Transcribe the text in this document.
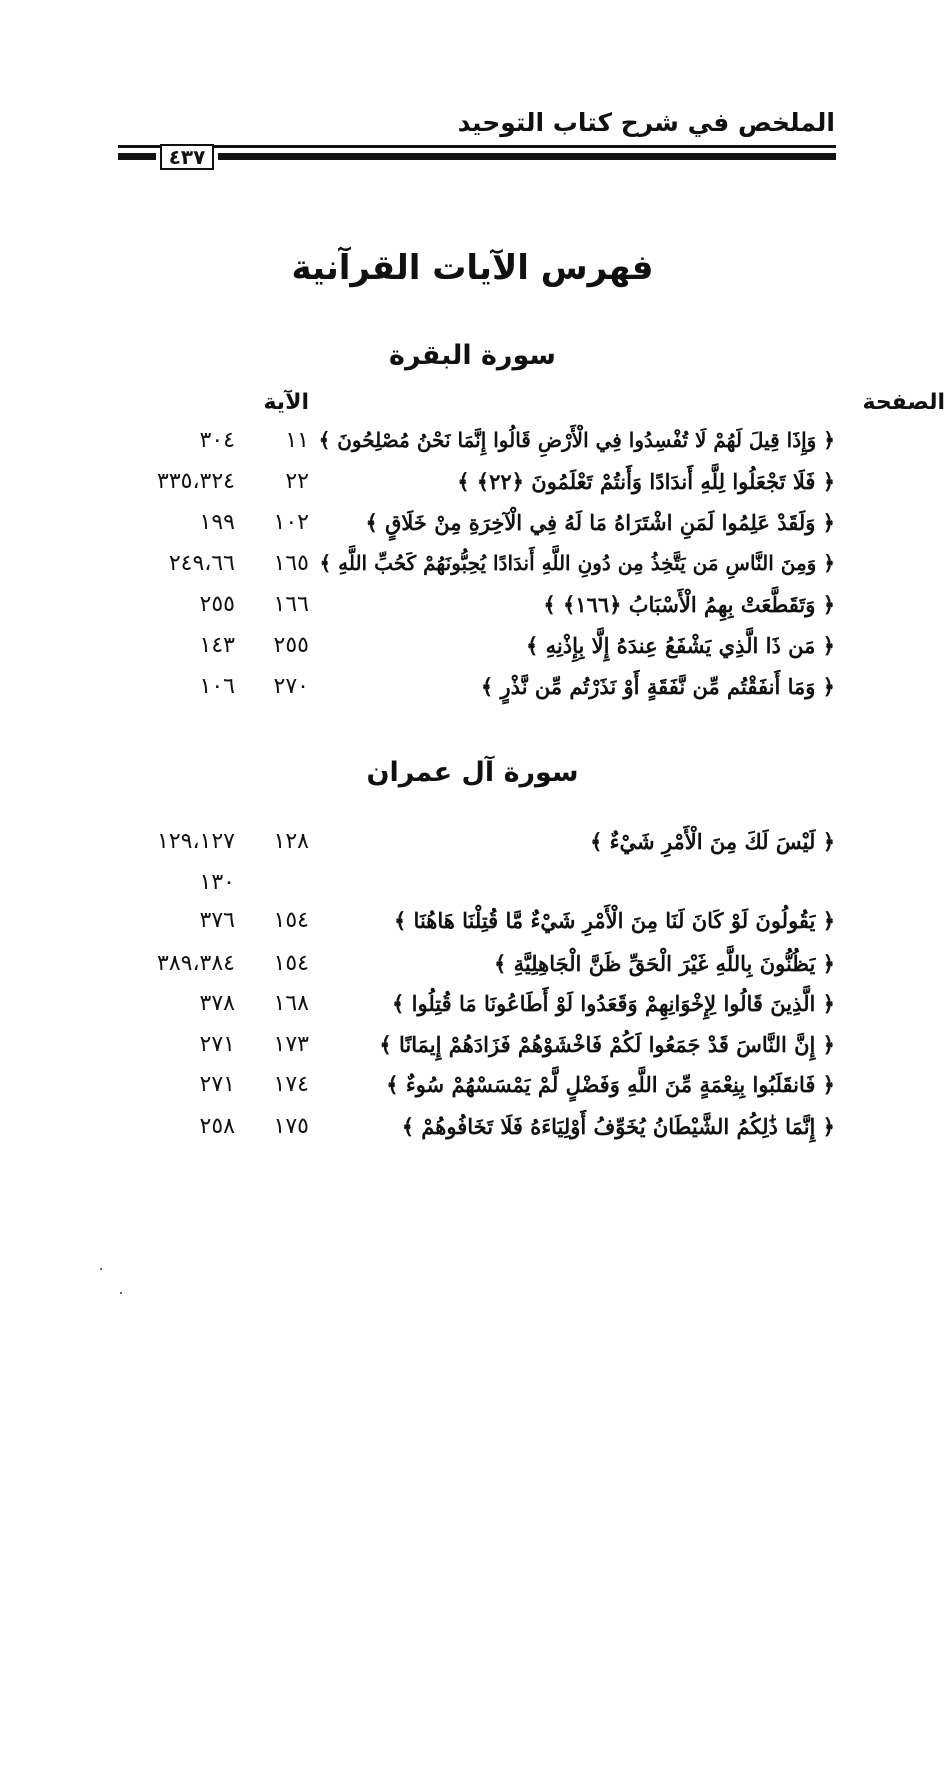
الملخص في شرح كتاب التوحيد
٤٣٧
فهرس الآيات القرآنية
سورة البقرة
الآية	الصفحة
﴿ وَإِذَا قِيلَ لَهُمْ لَا تُفْسِدُوا فِي الْأَرْضِ قَالُوا إِنَّمَا نَحْنُ مُصْلِحُونَ ﴾
١١
٣٠٤
﴿ فَلَا تَجْعَلُوا لِلَّهِ أَندَادًا وَأَنتُمْ تَعْلَمُونَ ﴿٢٢﴾ ﴾
٢٢
٣٣٥،٣٢٤
﴿ وَلَقَدْ عَلِمُوا لَمَنِ اشْتَرَاهُ مَا لَهُ فِي الْآخِرَةِ مِنْ خَلَاقٍ ﴾
١٠٢
١٩٩
﴿ وَمِنَ النَّاسِ مَن يَتَّخِذُ مِن دُونِ اللَّهِ أَندَادًا يُحِبُّونَهُمْ كَحُبِّ اللَّهِ ﴾
١٦٥
٢٤٩،٦٦
﴿ وَتَقَطَّعَتْ بِهِمُ الْأَسْبَابُ ﴿١٦٦﴾ ﴾
١٦٦
٢٥٥
﴿ مَن ذَا الَّذِي يَشْفَعُ عِندَهُ إِلَّا بِإِذْنِهِ ﴾
٢٥٥
١٤٣
﴿ وَمَا أَنفَقْتُم مِّن نَّفَقَةٍ أَوْ نَذَرْتُم مِّن نَّذْرٍ ﴾
٢٧٠
١٠٦
سورة آل عمران
﴿ لَيْسَ لَكَ مِنَ الْأَمْرِ شَيْءٌ ﴾
١٢٨
١٢٩،١٢٧
١٣٠
﴿ يَقُولُونَ لَوْ كَانَ لَنَا مِنَ الْأَمْرِ شَيْءٌ مَّا قُتِلْنَا هَاهُنَا ﴾
١٥٤
٣٧٦
﴿ يَظُنُّونَ بِاللَّهِ غَيْرَ الْحَقِّ ظَنَّ الْجَاهِلِيَّةِ ﴾
١٥٤
٣٨٩،٣٨٤
﴿ الَّذِينَ قَالُوا لِإِخْوَانِهِمْ وَقَعَدُوا لَوْ أَطَاعُونَا مَا قُتِلُوا ﴾
١٦٨
٣٧٨
﴿ إِنَّ النَّاسَ قَدْ جَمَعُوا لَكُمْ فَاخْشَوْهُمْ فَزَادَهُمْ إِيمَانًا ﴾
١٧٣
٢٧١
﴿ فَانقَلَبُوا بِنِعْمَةٍ مِّنَ اللَّهِ وَفَضْلٍ لَّمْ يَمْسَسْهُمْ سُوءٌ ﴾
١٧٤
٢٧١
﴿ إِنَّمَا ذَٰلِكُمُ الشَّيْطَانُ يُخَوِّفُ أَوْلِيَاءَهُ فَلَا تَخَافُوهُمْ ﴾
١٧٥
٢٥٨
